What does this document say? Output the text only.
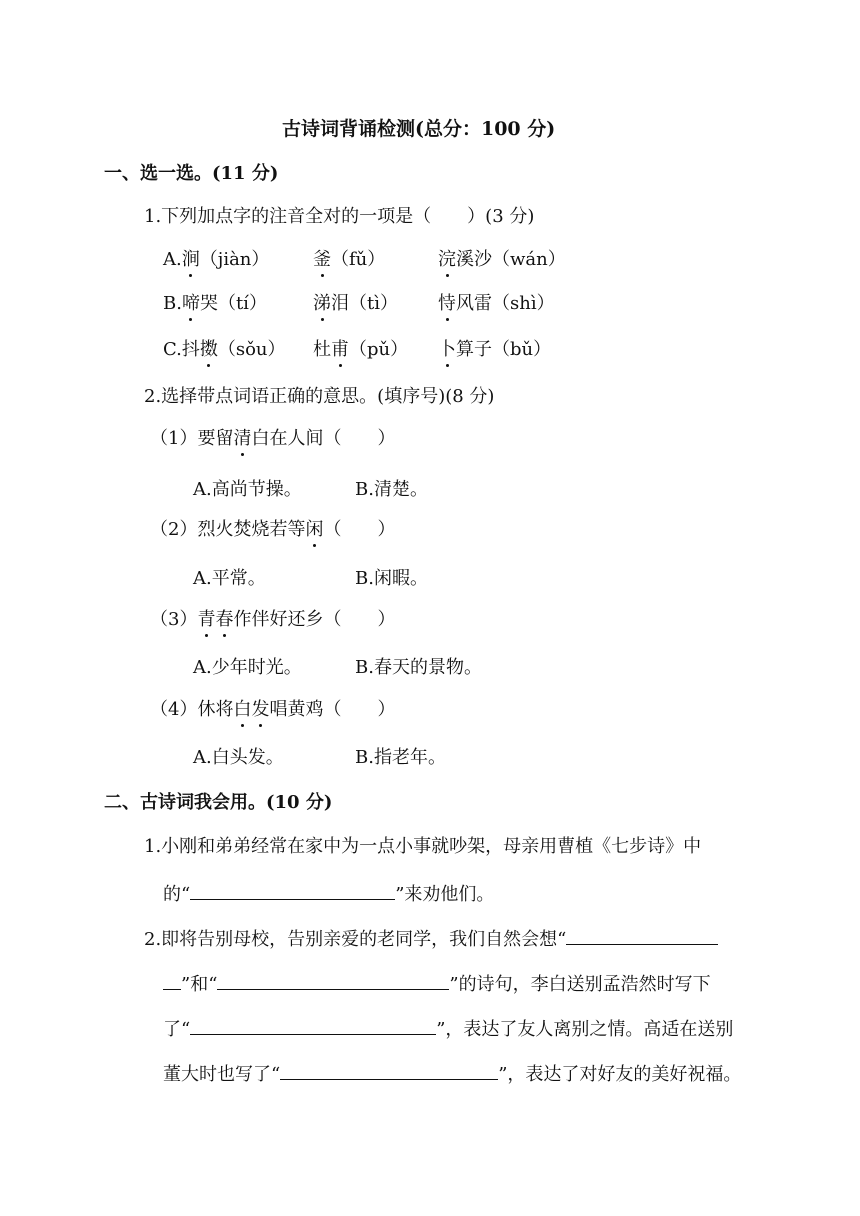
古诗词背诵检测(总分：100 分)
一、选一选。(11 分)
1.下列加点字的注音全对的一项是（　　）(3 分)
A.涧（jiàn） 釜（fǔ）	浣溪沙（wán）
B.啼哭（tí）	涕泪（tì） 恃风雷（shì）
C.抖擞（sǒu） 杜甫（pǔ） 卜算子（bǔ）
2.选择带点词语正确的意思。(填序号)(8 分)
（1）要留清白在人间（　　）
A.高尚节操。	B.清楚。
（2）烈火焚烧若等闲（　　）
A.平常。	B.闲暇。
（3）青春作伴好还乡（　　）
A.少年时光。	B.春天的景物。
（4）休将白发唱黄鸡（　　）
A.白头发。	B.指老年。
二、古诗词我会用。(10 分)
1.小刚和弟弟经常在家中为一点小事就吵架，母亲用曹植《七步诗》中
的“	”来劝他们。
2.即将告别母校，告别亲爱的老同学，我们自然会想“
”和“	”的诗句，李白送别孟浩然时写下
了“	”，表达了友人离别之情。高适在送别
董大时也写了“	”，表达了对好友的美好祝福。
